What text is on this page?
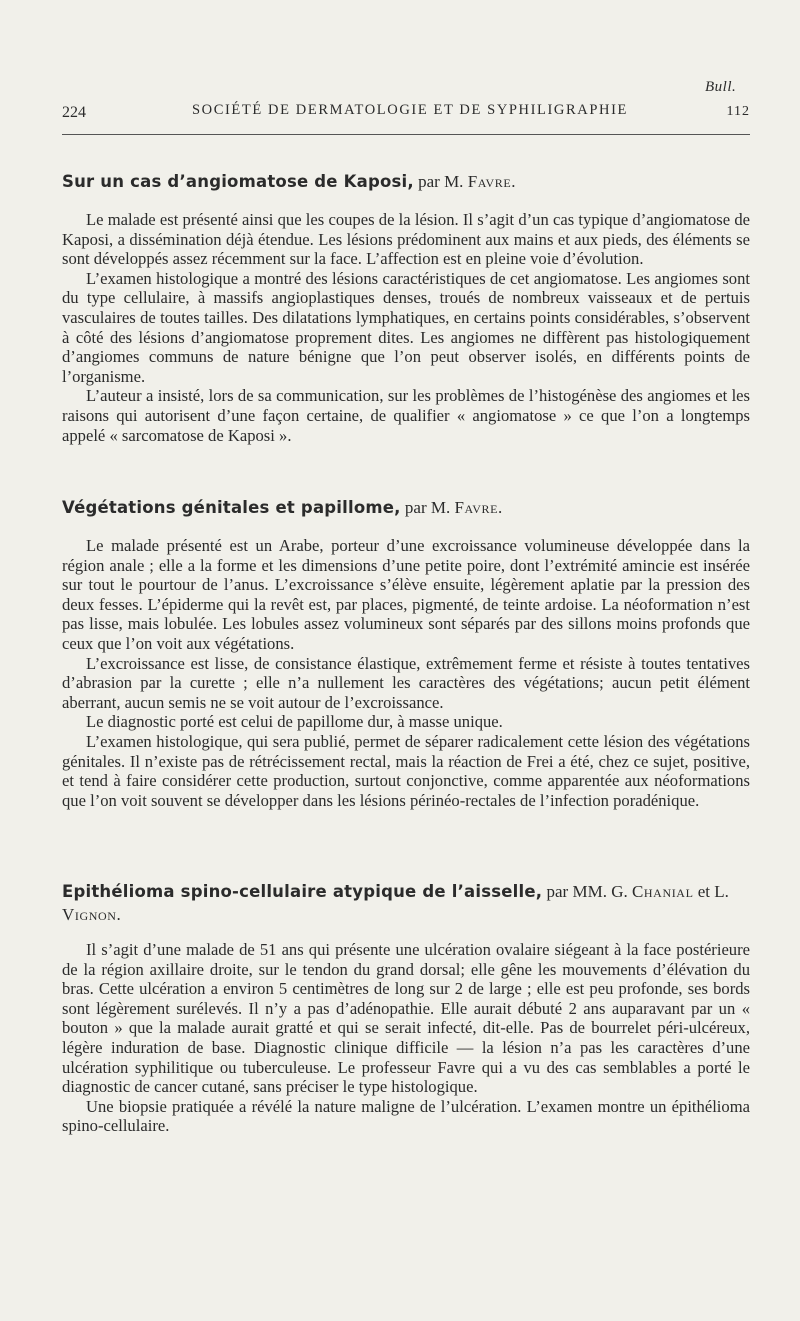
Bull.
224	SOCIÉTÉ DE DERMATOLOGIE ET DE SYPHILIGRAPHIE	112

Sur un cas d’angiomatose de Kaposi, par M. Favre.

Le malade est présenté ainsi que les coupes de la lésion. Il s’agit d’un cas typique d’angiomatose de Kaposi, a dissémination déjà étendue. Les lésions prédominent aux mains et aux pieds, des éléments se sont développés assez récemment sur la face. L’affection est en pleine voie d’évolution.

L’examen histologique a montré des lésions caractéristiques de cet angiomatose. Les angiomes sont du type cellulaire, à massifs angioplastiques denses, troués de nombreux vaisseaux et de pertuis vasculaires de toutes tailles. Des dilatations lymphatiques, en certains points considérables, s’observent à côté des lésions d’angiomatose proprement dites. Les angiomes ne diffèrent pas histologiquement d’angiomes communs de nature bénigne que l’on peut observer isolés, en différents points de l’organisme.

L’auteur a insisté, lors de sa communication, sur les problèmes de l’histogénèse des angiomes et les raisons qui autorisent d’une façon certaine, de qualifier « angiomatose » ce que l’on a longtemps appelé « sarcomatose de Kaposi ».

Végétations génitales et papillome, par M. Favre.

Le malade présenté est un Arabe, porteur d’une excroissance volumineuse développée dans la région anale ; elle a la forme et les dimensions d’une petite poire, dont l’extrémité amincie est insérée sur tout le pourtour de l’anus. L’excroissance s’élève ensuite, légèrement aplatie par la pression des deux fesses. L’épiderme qui la revêt est, par places, pigmenté, de teinte ardoise. La néoformation n’est pas lisse, mais lobulée. Les lobules assez volumineux sont séparés par des sillons moins profonds que ceux que l’on voit aux végétations.

L’excroissance est lisse, de consistance élastique, extrêmement ferme et résiste à toutes tentatives d’abrasion par la curette ; elle n’a nullement les caractères des végétations; aucun petit élément aberrant, aucun semis ne se voit autour de l’excroissance.

Le diagnostic porté est celui de papillome dur, à masse unique.

L’examen histologique, qui sera publié, permet de séparer radicalement cette lésion des végétations génitales. Il n’existe pas de rétrécissement rectal, mais la réaction de Frei a été, chez ce sujet, positive, et tend à faire considérer cette production, surtout conjonctive, comme apparentée aux néoformations que l’on voit souvent se développer dans les lésions périnéo-rectales de l’infection poradénique.

Epithélioma spino-cellulaire atypique de l’aisselle, par MM. G. Chanial et L. Vignon.

Il s’agit d’une malade de 51 ans qui présente une ulcération ovalaire siégeant à la face postérieure de la région axillaire droite, sur le tendon du grand dorsal; elle gêne les mouvements d’élévation du bras. Cette ulcération a environ 5 centimètres de long sur 2 de large ; elle est peu profonde, ses bords sont légèrement surélevés. Il n’y a pas d’adénopathie. Elle aurait débuté 2 ans auparavant par un « bouton » que la malade aurait gratté et qui se serait infecté, dit-elle. Pas de bourrelet péri-ulcéreux, légère induration de base. Diagnostic clinique difficile — la lésion n’a pas les caractères d’une ulcération syphilitique ou tuberculeuse. Le professeur Favre qui a vu des cas semblables a porté le diagnostic de cancer cutané, sans préciser le type histologique.

Une biopsie pratiquée a révélé la nature maligne de l’ulcération. L’examen montre un épithélioma spino-cellulaire.
